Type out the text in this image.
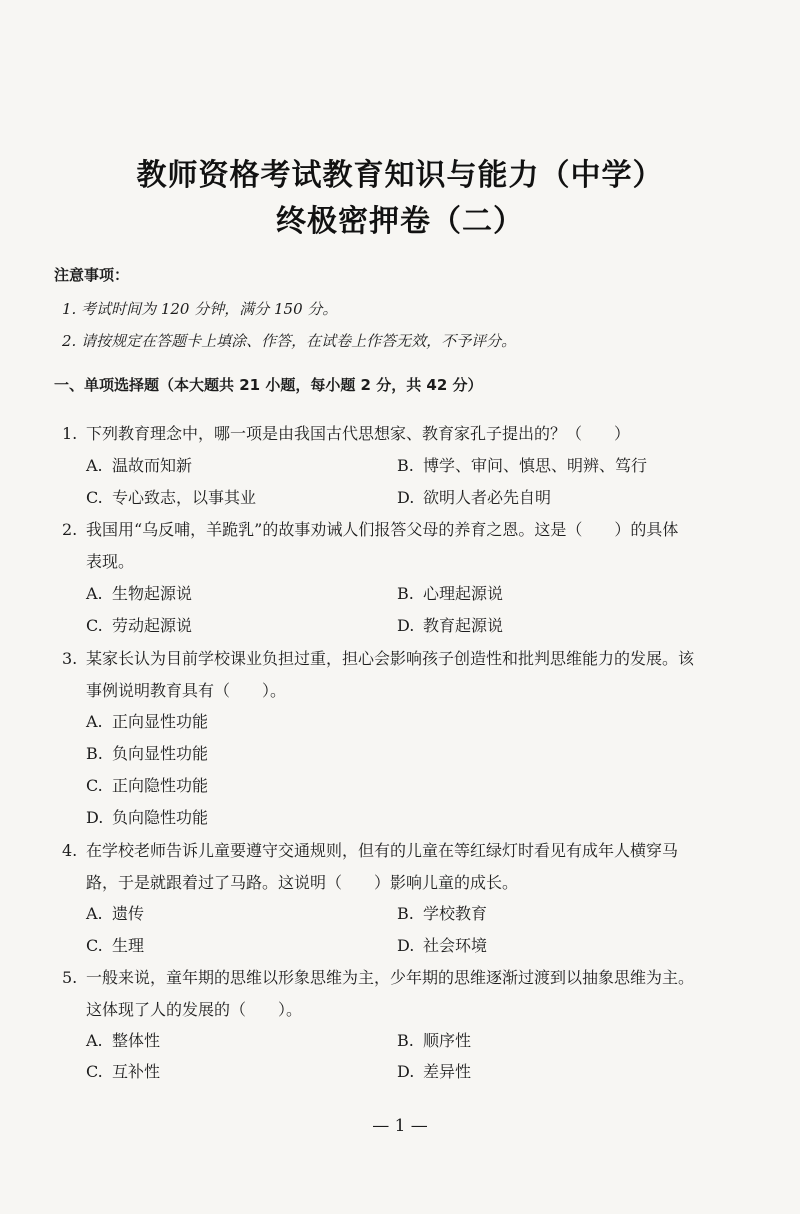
教师资格考试教育知识与能力（中学）
终极密押卷（二）
注意事项：
1. 考试时间为 120 分钟，满分 150 分。
2. 请按规定在答题卡上填涂、作答，在试卷上作答无效，不予评分。
一、单项选择题（本大题共 21 小题，每小题 2 分，共 42 分）
1. 下列教育理念中，哪一项是由我国古代思想家、教育家孔子提出的？（　　）
A. 温故而知新	B. 博学、审问、慎思、明辨、笃行
C. 专心致志，以事其业	D. 欲明人者必先自明
2. 我国用“乌反哺，羊跪乳”的故事劝诫人们报答父母的养育之恩。这是（　　）的具体
表现。
A. 生物起源说	B. 心理起源说
C. 劳动起源说	D. 教育起源说
3. 某家长认为目前学校课业负担过重，担心会影响孩子创造性和批判思维能力的发展。该
事例说明教育具有（　　）。
A. 正向显性功能
B. 负向显性功能
C. 正向隐性功能
D. 负向隐性功能
4. 在学校老师告诉儿童要遵守交通规则，但有的儿童在等红绿灯时看见有成年人横穿马
路，于是就跟着过了马路。这说明（　　）影响儿童的成长。
A. 遗传	B. 学校教育
C. 生理	D. 社会环境
5. 一般来说，童年期的思维以形象思维为主，少年期的思维逐渐过渡到以抽象思维为主。
这体现了人的发展的（　　）。
A. 整体性	B. 顺序性
C. 互补性	D. 差异性
— 1 —
